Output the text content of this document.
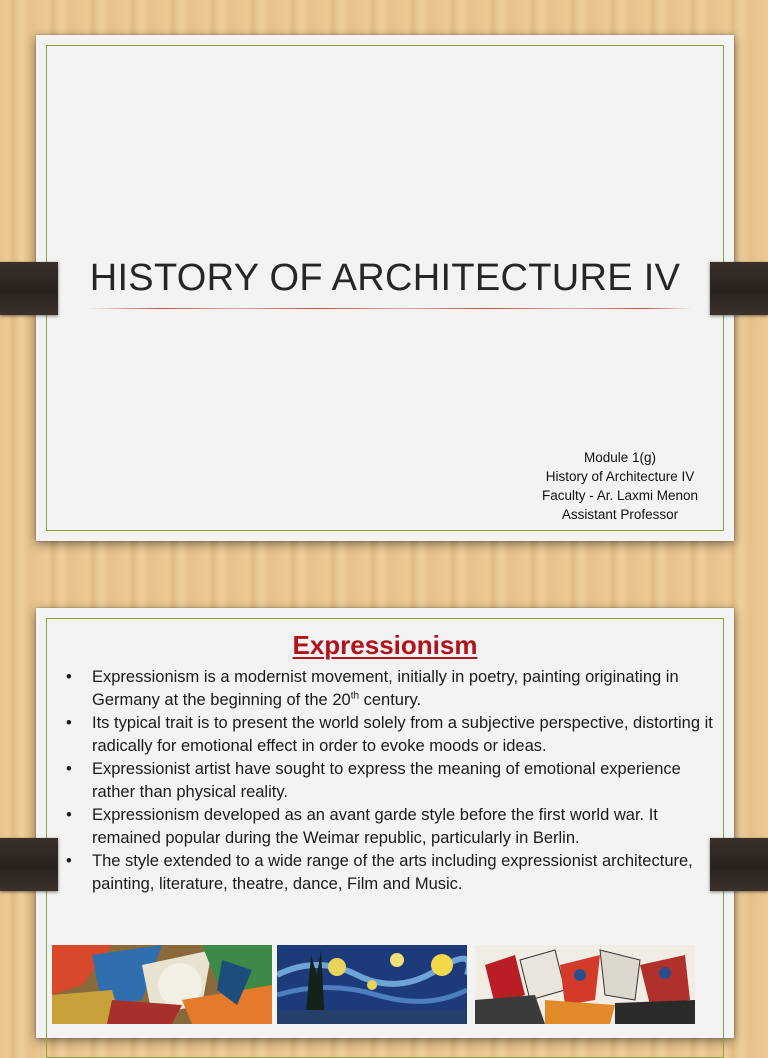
HISTORY OF ARCHITECTURE IV
Module 1(g)
History of Architecture IV
Faculty - Ar. Laxmi Menon
Assistant Professor
Expressionism
• Expressionism is a modernist movement, initially in poetry, painting originating in Germany at the beginning of the 20th century.
• Its typical trait is to present the world solely from a subjective perspective, distorting it radically for emotional effect in order to evoke moods or ideas.
• Expressionist artist have sought to express the meaning of emotional experience rather than physical reality.
• Expressionism developed as an avant garde style before the first world war. It remained popular during the Weimar republic, particularly in Berlin.
• The style extended to a wide range of the arts including expressionist architecture, painting, literature, theatre, dance, Film and Music.
